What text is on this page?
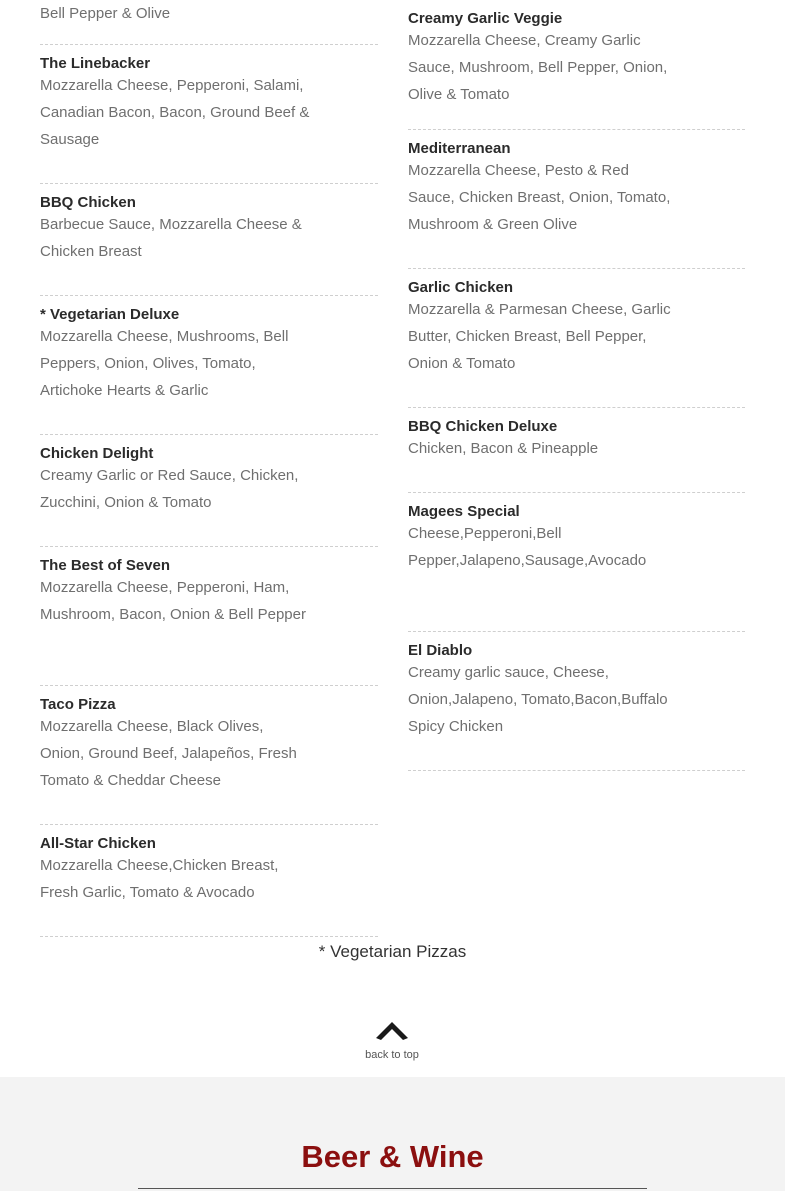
Bell Pepper & Olive
The Linebacker
Mozzarella Cheese, Pepperoni, Salami, Canadian Bacon, Bacon, Ground Beef & Sausage
BBQ Chicken
Barbecue Sauce, Mozzarella Cheese & Chicken Breast
* Vegetarian Deluxe
Mozzarella Cheese, Mushrooms, Bell Peppers, Onion, Olives, Tomato, Artichoke Hearts & Garlic
Chicken Delight
Creamy Garlic or Red Sauce, Chicken, Zucchini, Onion & Tomato
The Best of Seven
Mozzarella Cheese, Pepperoni, Ham, Mushroom, Bacon, Onion & Bell Pepper
Taco Pizza
Mozzarella Cheese, Black Olives, Onion, Ground Beef, Jalapeños, Fresh Tomato & Cheddar Cheese
All-Star Chicken
Mozzarella Cheese,Chicken Breast, Fresh Garlic, Tomato & Avocado
Creamy Garlic Veggie
Mozzarella Cheese, Creamy Garlic Sauce, Mushroom, Bell Pepper, Onion, Olive & Tomato
Mediterranean
Mozzarella Cheese, Pesto & Red Sauce, Chicken Breast, Onion, Tomato, Mushroom & Green Olive
Garlic Chicken
Mozzarella & Parmesan Cheese, Garlic Butter, Chicken Breast, Bell Pepper, Onion & Tomato
BBQ Chicken Deluxe
Chicken, Bacon & Pineapple
Magees Special
Cheese,Pepperoni,Bell Pepper,Jalapeno,Sausage,Avocado
El Diablo
Creamy garlic sauce, Cheese, Onion,Jalapeno, Tomato,Bacon,Buffalo Spicy Chicken
* Vegetarian Pizzas
back to top
Beer & Wine
